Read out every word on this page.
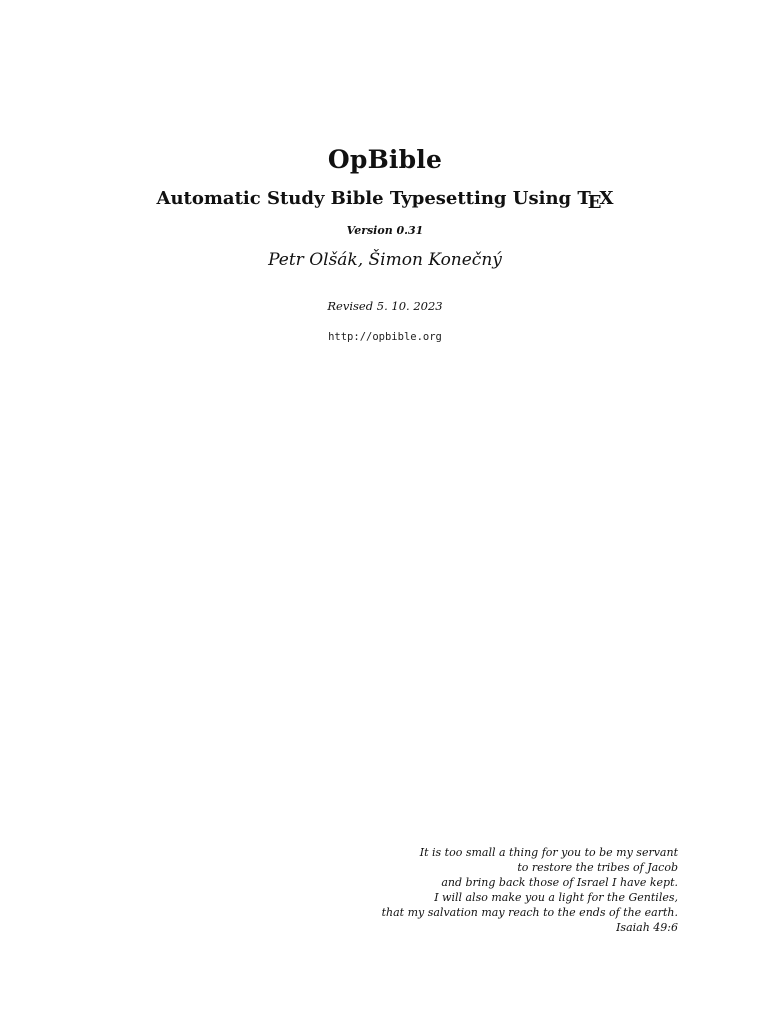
OpBible
Automatic Study Bible Typesetting Using TEX
Version 0.31
Petr Olšák, Šimon Konečný
Revised 5. 10. 2023
http://opbible.org
It is too small a thing for you to be my servant
to restore the tribes of Jacob
and bring back those of Israel I have kept.
I will also make you a light for the Gentiles,
that my salvation may reach to the ends of the earth.
Isaiah 49:6
